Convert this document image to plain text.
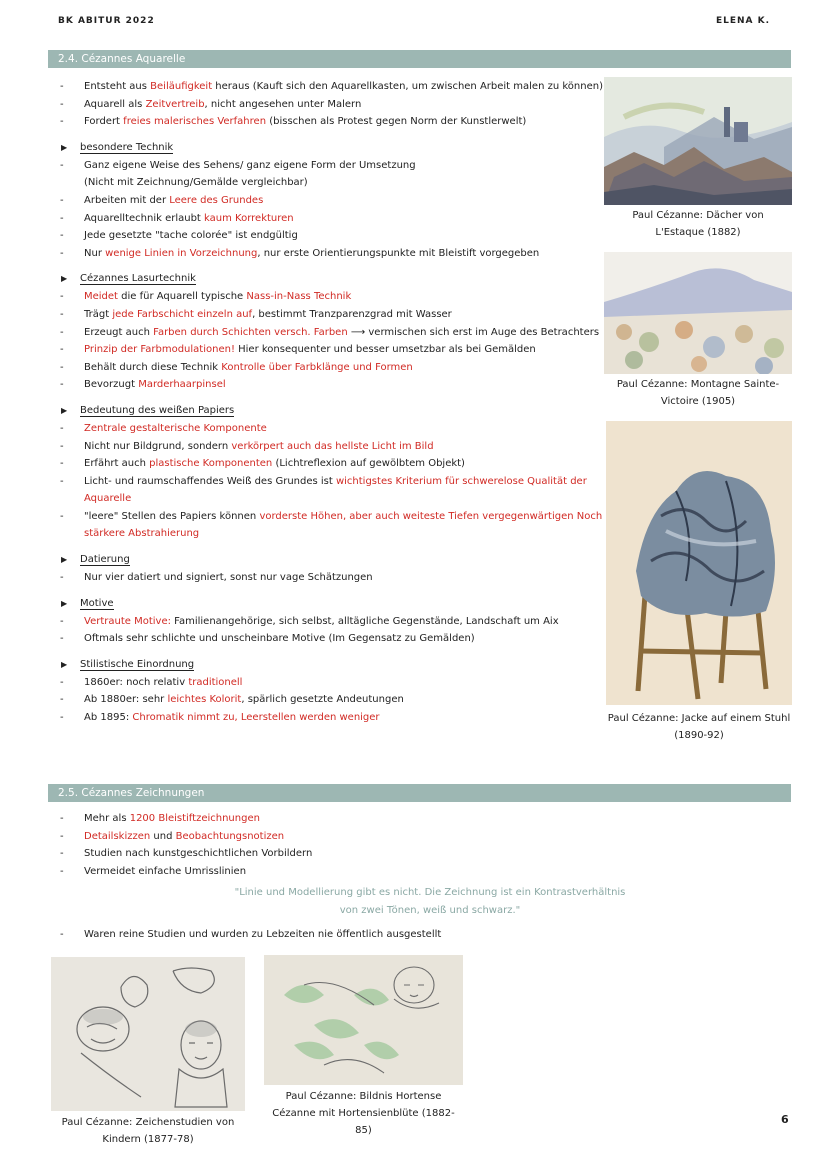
BK ABITUR 2022	ELENA K.
2.4. Cézannes Aquarelle
- Entsteht aus Beiläufigkeit heraus (Kauft sich den Aquarellkasten, um zwischen Arbeit malen zu können)
- Aquarell als Zeitvertreib, nicht angesehen unter Malern
- Fordert freies malerisches Verfahren (bisschen als Protest gegen Norm der Kunstlerwelt)
▶ besondere Technik
- Ganz eigene Weise des Sehens/ ganz eigene Form der Umsetzung
(Nicht mit Zeichnung/Gemälde vergleichbar)
- Arbeiten mit der Leere des Grundes
- Aquarelltechnik erlaubt kaum Korrekturen
- Jede gesetzte "tache colorée" ist endgültig
- Nur wenige Linien in Vorzeichnung, nur erste Orientierungspunkte mit Bleistift vorgegeben
▶ Cézannes Lasurtechnik
- Meidet die für Aquarell typische Nass-in-Nass Technik
- Trägt jede Farbschicht einzeln auf, bestimmt Tranzparenzgrad mit Wasser
- Erzeugt auch Farben durch Schichten versch. Farben ⟶ vermischen sich erst im Auge des Betrachters
- Prinzip der Farbmodulationen! Hier konsequenter und besser umsetzbar als bei Gemälden
- Behält durch diese Technik Kontrolle über Farbklänge und Formen
- Bevorzugt Marderhaarpinsel
▶ Bedeutung des weißen Papiers
- Zentrale gestalterische Komponente
- Nicht nur Bildgrund, sondern verkörpert auch das hellste Licht im Bild
- Erfährt auch plastische Komponenten (Lichtreflexion auf gewölbtem Objekt)
- Licht- und raumschaffendes Weiß des Grundes ist wichtigstes Kriterium für schwerelose Qualität der
Aquarelle
- "leere" Stellen des Papiers können vorderste Höhen, aber auch weiteste Tiefen vergegenwärtigen Noch
stärkere Abstrahierung
▶ Datierung
- Nur vier datiert und signiert, sonst nur vage Schätzungen
▶ Motive
- Vertraute Motive: Familienangehörige, sich selbst, alltägliche Gegenstände, Landschaft um Aix
- Oftmals sehr schlichte und unscheinbare Motive (Im Gegensatz zu Gemälden)
▶ Stilistische Einordnung
- 1860er: noch relativ traditionell
- Ab 1880er: sehr leichtes Kolorit, spärlich gesetzte Andeutungen
- Ab 1895: Chromatik nimmt zu, Leerstellen werden weniger
Paul Cézanne: Dächer von L'Estaque (1882)
Paul Cézanne: Montagne Sainte-Victoire (1905)
Paul Cézanne: Jacke auf einem Stuhl (1890-92)
2.5. Cézannes Zeichnungen
- Mehr als 1200 Bleistiftzeichnungen
- Detailskizzen und Beobachtungsnotizen
- Studien nach kunstgeschichtlichen Vorbildern
- Vermeidet einfache Umrisslinien
"Linie und Modellierung gibt es nicht. Die Zeichnung ist ein Kontrastverhältnis von zwei Tönen, weiß und schwarz."
- Waren reine Studien und wurden zu Lebzeiten nie öffentlich ausgestellt
Paul Cézanne: Zeichenstudien von Kindern (1877-78)
Paul Cézanne: Bildnis Hortense Cézanne mit Hortensienblüte (1882-85)
6
